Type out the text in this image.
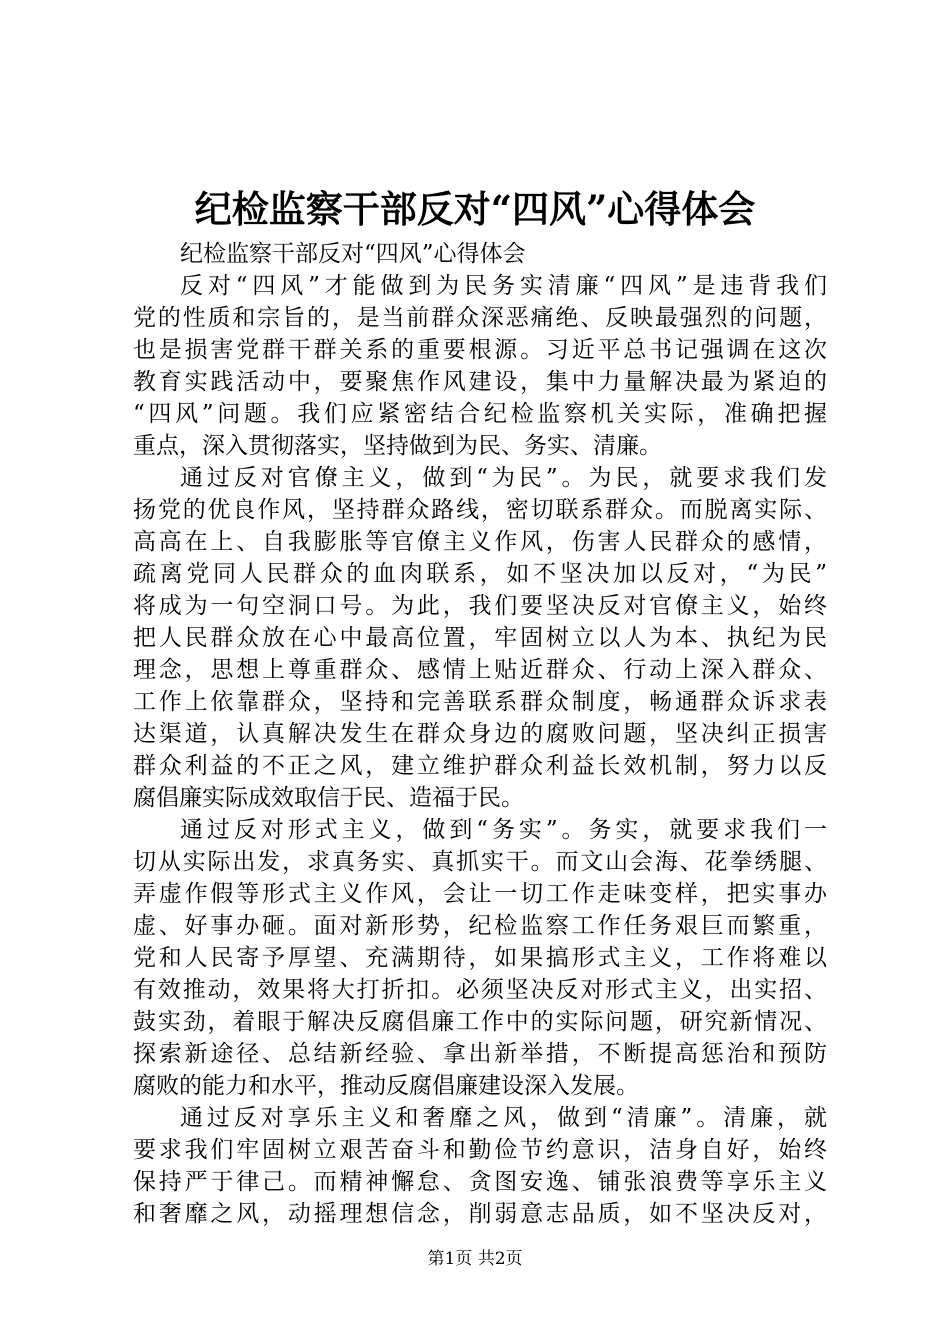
纪检监察干部反对“四风”心得体会
纪检监察干部反对“四风”心得体会
反对“四风”才能做到为民务实清廉“四风”是违背我们
党的性质和宗旨的，是当前群众深恶痛绝、反映最强烈的问题，
也是损害党群干群关系的重要根源。习近平总书记强调在这次
教育实践活动中，要聚焦作风建设，集中力量解决最为紧迫的
“四风”问题。我们应紧密结合纪检监察机关实际，准确把握
重点，深入贯彻落实，坚持做到为民、务实、清廉。
通过反对官僚主义，做到“为民”。为民，就要求我们发
扬党的优良作风，坚持群众路线，密切联系群众。而脱离实际、
高高在上、自我膨胀等官僚主义作风，伤害人民群众的感情，
疏离党同人民群众的血肉联系，如不坚决加以反对，“为民”
将成为一句空洞口号。为此，我们要坚决反对官僚主义，始终
把人民群众放在心中最高位置，牢固树立以人为本、执纪为民
理念，思想上尊重群众、感情上贴近群众、行动上深入群众、
工作上依靠群众，坚持和完善联系群众制度，畅通群众诉求表
达渠道，认真解决发生在群众身边的腐败问题，坚决纠正损害
群众利益的不正之风，建立维护群众利益长效机制，努力以反
腐倡廉实际成效取信于民、造福于民。
通过反对形式主义，做到“务实”。务实，就要求我们一
切从实际出发，求真务实、真抓实干。而文山会海、花拳绣腿、
弄虚作假等形式主义作风，会让一切工作走味变样，把实事办
虚、好事办砸。面对新形势，纪检监察工作任务艰巨而繁重，
党和人民寄予厚望、充满期待，如果搞形式主义，工作将难以
有效推动，效果将大打折扣。必须坚决反对形式主义，出实招、
鼓实劲，着眼于解决反腐倡廉工作中的实际问题，研究新情况、
探索新途径、总结新经验、拿出新举措，不断提高惩治和预防
腐败的能力和水平，推动反腐倡廉建设深入发展。
通过反对享乐主义和奢靡之风，做到“清廉”。清廉，就
要求我们牢固树立艰苦奋斗和勤俭节约意识，洁身自好，始终
保持严于律己。而精神懈怠、贪图安逸、铺张浪费等享乐主义
和奢靡之风，动摇理想信念，削弱意志品质，如不坚决反对，
第1页 共2页
